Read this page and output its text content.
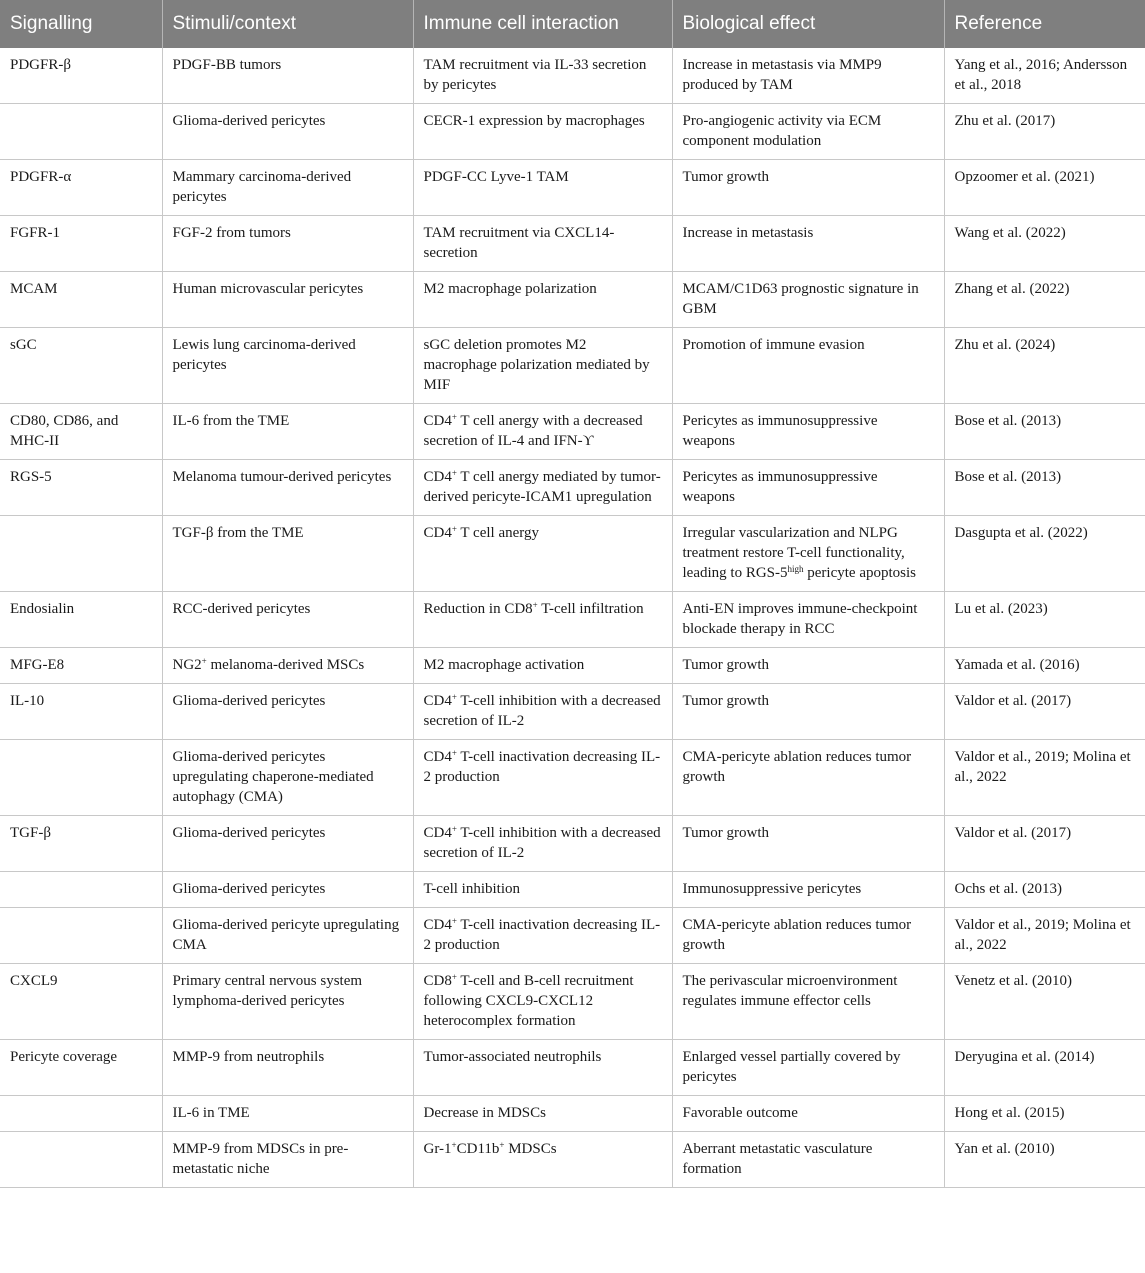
Signalling	Stimuli/context	Immune cell interaction	Biological effect	Reference
PDGFR-β	PDGF-BB tumors	TAM recruitment via IL-33 secretion by pericytes	Increase in metastasis via MMP9 produced by TAM	Yang et al., 2016; Andersson et al., 2018
	Glioma-derived pericytes	CECR-1 expression by macrophages	Pro-angiogenic activity via ECM component modulation	Zhu et al. (2017)
PDGFR-α	Mammary carcinoma-derived pericytes	PDGF-CC Lyve-1 TAM	Tumor growth	Opzoomer et al. (2021)
FGFR-1	FGF-2 from tumors	TAM recruitment via CXCL14-secretion	Increase in metastasis	Wang et al. (2022)
MCAM	Human microvascular pericytes	M2 macrophage polarization	MCAM/C1D63 prognostic signature in GBM	Zhang et al. (2022)
sGC	Lewis lung carcinoma-derived pericytes	sGC deletion promotes M2 macrophage polarization mediated by MIF	Promotion of immune evasion	Zhu et al. (2024)
CD80, CD86, and MHC-II	IL-6 from the TME	CD4+ T cell anergy with a decreased secretion of IL-4 and IFN-ϒ	Pericytes as immunosuppressive weapons	Bose et al. (2013)
RGS-5	Melanoma tumour-derived pericytes	CD4+ T cell anergy mediated by tumor-derived pericyte-ICAM1 upregulation	Pericytes as immunosuppressive weapons	Bose et al. (2013)
	TGF-β from the TME	CD4+ T cell anergy	Irregular vascularization and NLPG treatment restore T-cell functionality, leading to RGS-$5^{high}$ pericyte apoptosis	Dasgupta et al. (2022)
Endosialin	RCC-derived pericytes	Reduction in CD8+ T-cell infiltration	Anti-EN improves immune-checkpoint blockade therapy in RCC	Lu et al. (2023)
MFG-E8	NG2+ melanoma-derived MSCs	M2 macrophage activation	Tumor growth	Yamada et al. (2016)
IL-10	Glioma-derived pericytes	CD4+ T-cell inhibition with a decreased secretion of IL-2	Tumor growth	Valdor et al. (2017)
	Glioma-derived pericytes upregulating chaperone-mediated autophagy (CMA)	CD4+ T-cell inactivation decreasing IL-2 production	CMA-pericyte ablation reduces tumor growth	Valdor et al., 2019; Molina et al., 2022
TGF-β	Glioma-derived pericytes	CD4+ T-cell inhibition with a decreased secretion of IL-2	Tumor growth	Valdor et al. (2017)
	Glioma-derived pericytes	T-cell inhibition	Immunosuppressive pericytes	Ochs et al. (2013)
	Glioma-derived pericyte upregulating CMA	CD4+ T-cell inactivation decreasing IL-2 production	CMA-pericyte ablation reduces tumor growth	Valdor et al., 2019; Molina et al., 2022
CXCL9	Primary central nervous system lymphoma-derived pericytes	CD8+ T-cell and B-cell recruitment following CXCL9-CXCL12 heterocomplex formation	The perivascular microenvironment regulates immune effector cells	Venetz et al. (2010)
Pericyte coverage	MMP-9 from neutrophils	Tumor-associated neutrophils	Enlarged vessel partially covered by pericytes	Deryugina et al. (2014)
	IL-6 in TME	Decrease in MDSCs	Favorable outcome	Hong et al. (2015)
	MMP-9 from MDSCs in pre-metastatic niche	Gr-1+CD11b+ MDSCs	Aberrant metastatic vasculature formation	Yan et al. (2010)
